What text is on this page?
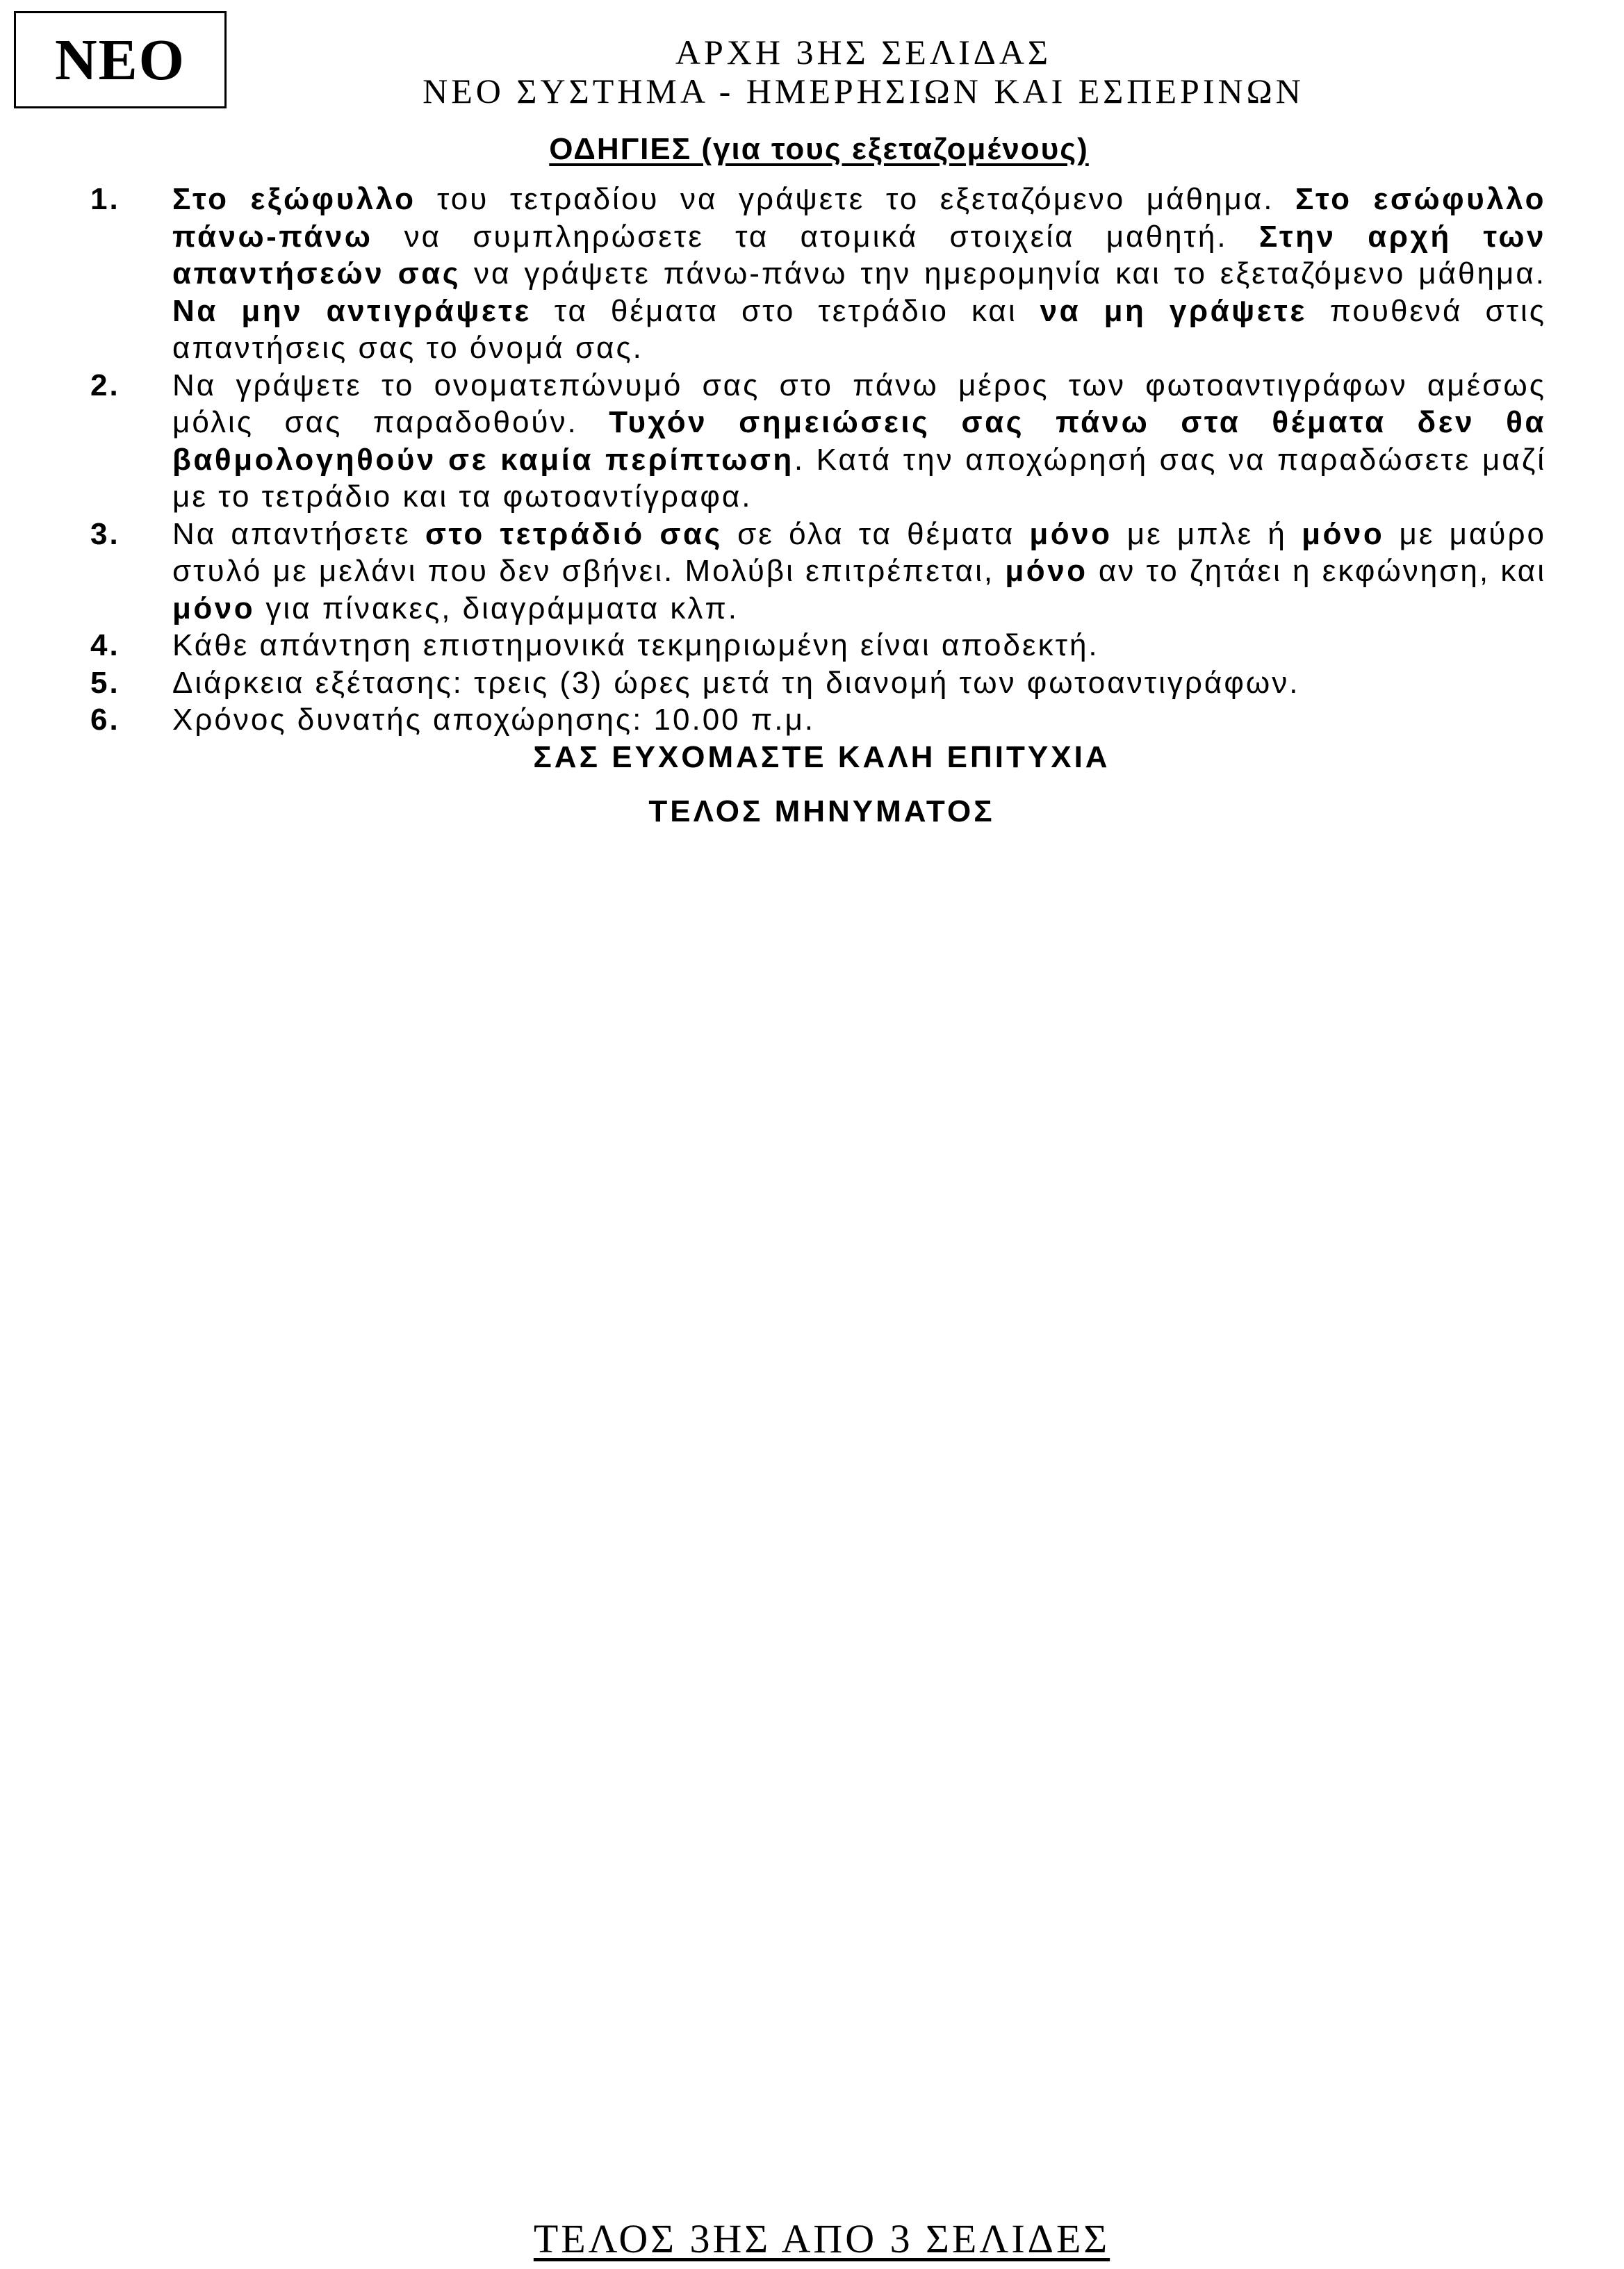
ΝΕΟ	ΑΡΧΗ 3ΗΣ ΣΕΛΙΔΑΣ
ΝΕΟ ΣΥΣΤΗΜΑ - ΗΜΕΡΗΣΙΩΝ ΚΑΙ ΕΣΠΕΡΙΝΩΝ
ΟΔΗΓΙΕΣ (για τους εξεταζομένους)
1. Στο εξώφυλλο του τετραδίου να γράψετε το εξεταζόμενο μάθημα. Στο εσώφυλλο πάνω-πάνω να συμπληρώσετε τα ατομικά στοιχεία μαθητή. Στην αρχή των απαντήσεών σας να γράψετε πάνω-πάνω την ημερομηνία και το εξεταζόμενο μάθημα. Να μην αντιγράψετε τα θέματα στο τετράδιο και να μη γράψετε πουθενά στις απαντήσεις σας το όνομά σας.
2. Να γράψετε το ονοματεπώνυμό σας στο πάνω μέρος των φωτοαντιγράφων αμέσως μόλις σας παραδοθούν. Τυχόν σημειώσεις σας πάνω στα θέματα δεν θα βαθμολογηθούν σε καμία περίπτωση. Κατά την αποχώρησή σας να παραδώσετε μαζί με το τετράδιο και τα φωτοαντίγραφα.
3. Να απαντήσετε στο τετράδιό σας σε όλα τα θέματα μόνο με μπλε ή μόνο με μαύρο στυλό με μελάνι που δεν σβήνει. Μολύβι επιτρέπεται, μόνο αν το ζητάει η εκφώνηση, και μόνο για πίνακες, διαγράμματα κλπ.
4. Κάθε απάντηση επιστημονικά τεκμηριωμένη είναι αποδεκτή.
5. Διάρκεια εξέτασης: τρεις (3) ώρες μετά τη διανομή των φωτοαντιγράφων.
6. Χρόνος δυνατής αποχώρησης: 10.00 π.μ.
ΣΑΣ ΕΥΧΟΜΑΣΤΕ ΚΑΛΗ ΕΠΙΤΥΧΙΑ
ΤΕΛΟΣ ΜΗΝΥΜΑΤΟΣ
ΤΕΛΟΣ 3ΗΣ ΑΠΟ 3 ΣΕΛΙΔΕΣ
